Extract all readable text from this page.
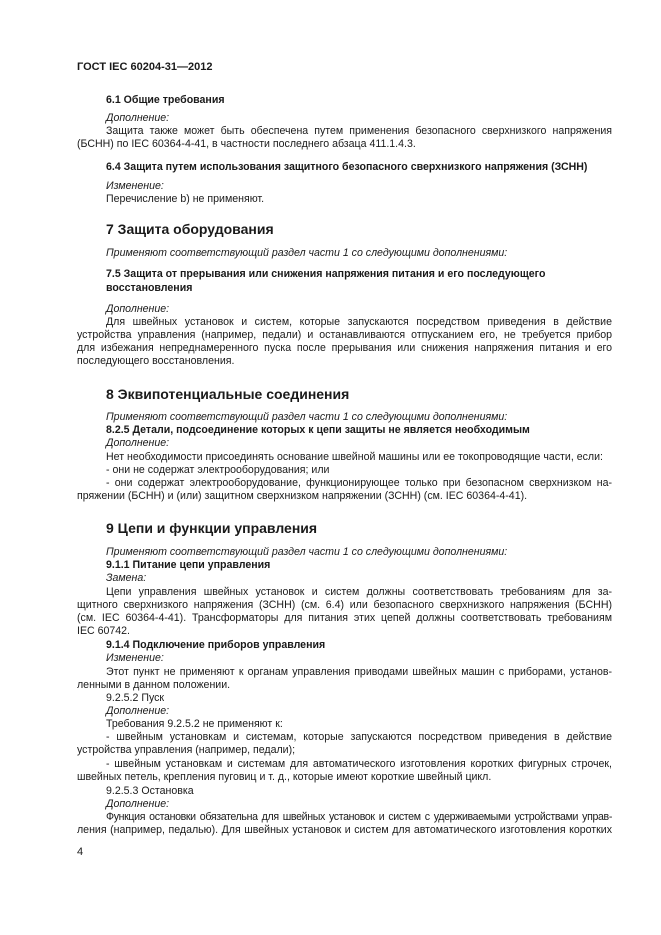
ГОСТ IEC 60204-31—2012
6.1 Общие требования
Дополнение:
Защита также может быть обеспечена путем применения безопасного сверхнизкого напряжения
(БСНН) по IEC 60364-4-41, в частности последнего абзаца 411.1.4.3.
6.4 Защита путем использования защитного безопасного сверхнизкого напряжения (ЗСНН)
Изменение:
Перечисление b) не применяют.
7 Защита оборудования
Применяют соответствующий раздел части 1 со следующими дополнениями:
7.5 Защита от прерывания или снижения напряжения питания и его последующего
восстановления
Дополнение:
Для швейных установок и систем, которые запускаются посредством приведения в действие
устройства управления (например, педали) и останавливаются отпусканием его, не требуется прибор
для избежания непреднамеренного пуска после прерывания или снижения напряжения питания и его
последующего восстановления.
8 Эквипотенциальные соединения
Применяют соответствующий раздел части 1 со следующими дополнениями:
8.2.5 Детали, подсоединение которых к цепи защиты не является необходимым
Дополнение:
Нет необходимости присоединять основание швейной машины или ее токопроводящие части, если:
- они не содержат электрооборудования; или
- они содержат электрооборудование, функционирующее только при безопасном сверхнизком на-
пряжении (БСНН) и (или) защитном сверхнизком напряжении (ЗСНН) (см. IEC 60364-4-41).
9 Цепи и функции управления
Применяют соответствующий раздел части 1 со следующими дополнениями:
9.1.1 Питание цепи управления
Замена:
Цепи управления швейных установок и систем должны соответствовать требованиям для за-
щитного сверхнизкого напряжения (ЗСНН) (см. 6.4) или безопасного сверхнизкого напряжения (БСНН)
(см. IEC 60364-4-41). Трансформаторы для питания этих цепей должны соответствовать требованиям
IEC 60742.
9.1.4 Подключение приборов управления
Изменение:
Этот пункт не применяют к органам управления приводами швейных машин с приборами, установ-
ленными в данном положении.
9.2.5.2 Пуск
Дополнение:
Требования 9.2.5.2 не применяют к:
- швейным установкам и системам, которые запускаются посредством приведения в действие
устройства управления (например, педали);
- швейным установкам и системам для автоматического изготовления коротких фигурных строчек,
швейных петель, крепления пуговиц и т. д., которые имеют короткие швейный цикл.
9.2.5.3 Остановка
Дополнение:
Функция остановки обязательна для швейных установок и систем с удерживаемыми устройствами управ-
ления (например, педалью). Для швейных установок и систем для автоматического изготовления коротких
4
